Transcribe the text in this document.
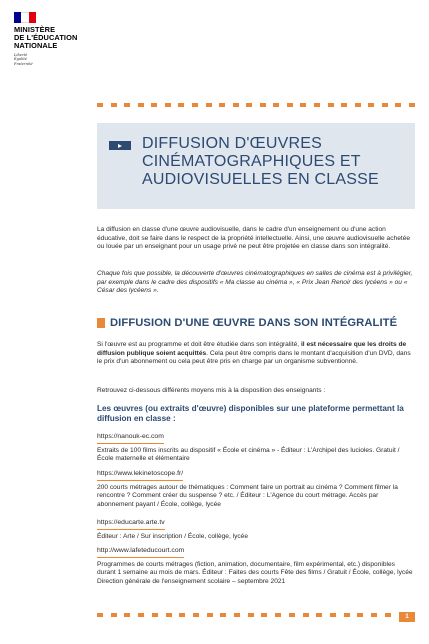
MINISTÈRE
DE L'ÉDUCATION
NATIONALE
Liberté
Égalité
Fraternité
DIFFUSION D'ŒUVRES CINÉMATOGRAPHIQUES ET AUDIOVISUELLES EN CLASSE

La diffusion en classe d'une œuvre audiovisuelle, dans le cadre d'un enseignement ou d'une action éducative, doit se faire dans le respect de la propriété intellectuelle. Ainsi, une œuvre audiovisuelle achetée ou louée par un enseignant pour un usage privé ne peut être projetée en classe dans son intégralité.

Chaque fois que possible, la découverte d'œuvres cinématographiques en salles de cinéma est à privilégier, par exemple dans le cadre des dispositifs « Ma classe au cinéma », « Prix Jean Renoir des lycéens » ou « César des lycéens ».

DIFFUSION D'UNE ŒUVRE DANS SON INTÉGRALITÉ

Si l'œuvre est au programme et doit être étudiée dans son intégralité, il est nécessaire que les droits de diffusion publique soient acquittés. Cela peut être compris dans le montant d'acquisition d'un DVD, dans le prix d'un abonnement ou cela peut être pris en charge par un organisme subventionné.

Retrouvez ci-dessous différents moyens mis à la disposition des enseignants :

Les œuvres (ou extraits d'œuvre) disponibles sur une plateforme permettant la diffusion en classe :
https://nanouk-ec.com
Extraits de 100 films inscrits au dispositif « École et cinéma » - Éditeur : L'Archipel des lucioles. Gratuit / École maternelle et élémentaire
https://www.lekinetoscope.fr/
200 courts métrages autour de thématiques : Comment faire un portrait au cinéma ? Comment filmer la rencontre ? Comment créer du suspense ? etc. / Éditeur : L'Agence du court métrage. Accès par abonnement payant / École, collège, lycée
https://educarte.arte.tv
Éditeur : Arte / Sur inscription / École, collège, lycée
http://www.lafeteducourt.com
Programmes de courts métrages (fiction, animation, documentaire, film expérimental, etc.) disponibles durant 1 semaine au mois de mars. Éditeur : Faites des courts Fête des films / Gratuit / École, collège, lycée Direction générale de l'enseignement scolaire – septembre 2021
1
